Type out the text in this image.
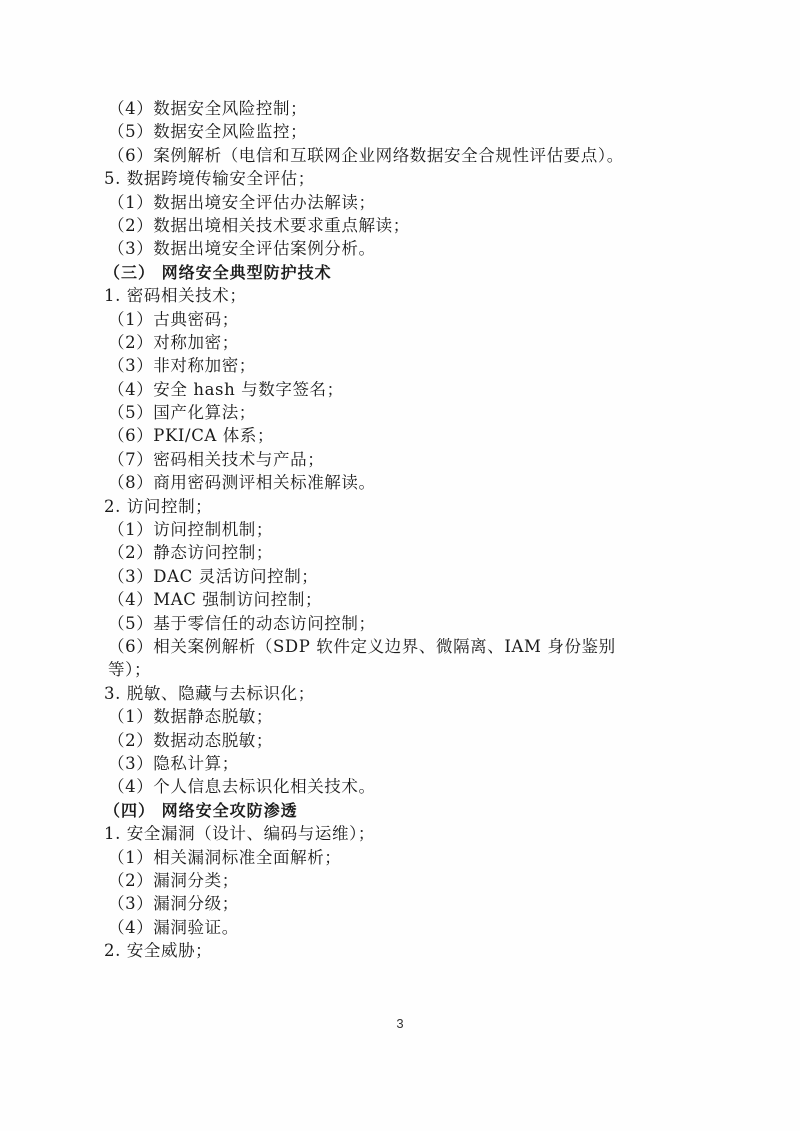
（4）数据安全风险控制；
（5）数据安全风险监控；
（6）案例解析（电信和互联网企业网络数据安全合规性评估要点）。
5. 数据跨境传输安全评估；
（1）数据出境安全评估办法解读；
（2）数据出境相关技术要求重点解读；
（3）数据出境安全评估案例分析。
（三） 网络安全典型防护技术
1. 密码相关技术；
（1）古典密码；
（2）对称加密；
（3）非对称加密；
（4）安全 hash 与数字签名；
（5）国产化算法；
（6）PKI/CA 体系；
（7）密码相关技术与产品；
（8）商用密码测评相关标准解读。
2. 访问控制；
（1）访问控制机制；
（2）静态访问控制；
（3）DAC 灵活访问控制；
（4）MAC 强制访问控制；
（5）基于零信任的动态访问控制；
（6）相关案例解析（SDP 软件定义边界、微隔离、IAM 身份鉴别
等）；
3. 脱敏、隐藏与去标识化；
（1）数据静态脱敏；
（2）数据动态脱敏；
（3）隐私计算；
（4）个人信息去标识化相关技术。
（四） 网络安全攻防渗透
1. 安全漏洞（设计、编码与运维）；
（1）相关漏洞标准全面解析；
（2）漏洞分类；
（3）漏洞分级；
（4）漏洞验证。
2. 安全威胁；
3
